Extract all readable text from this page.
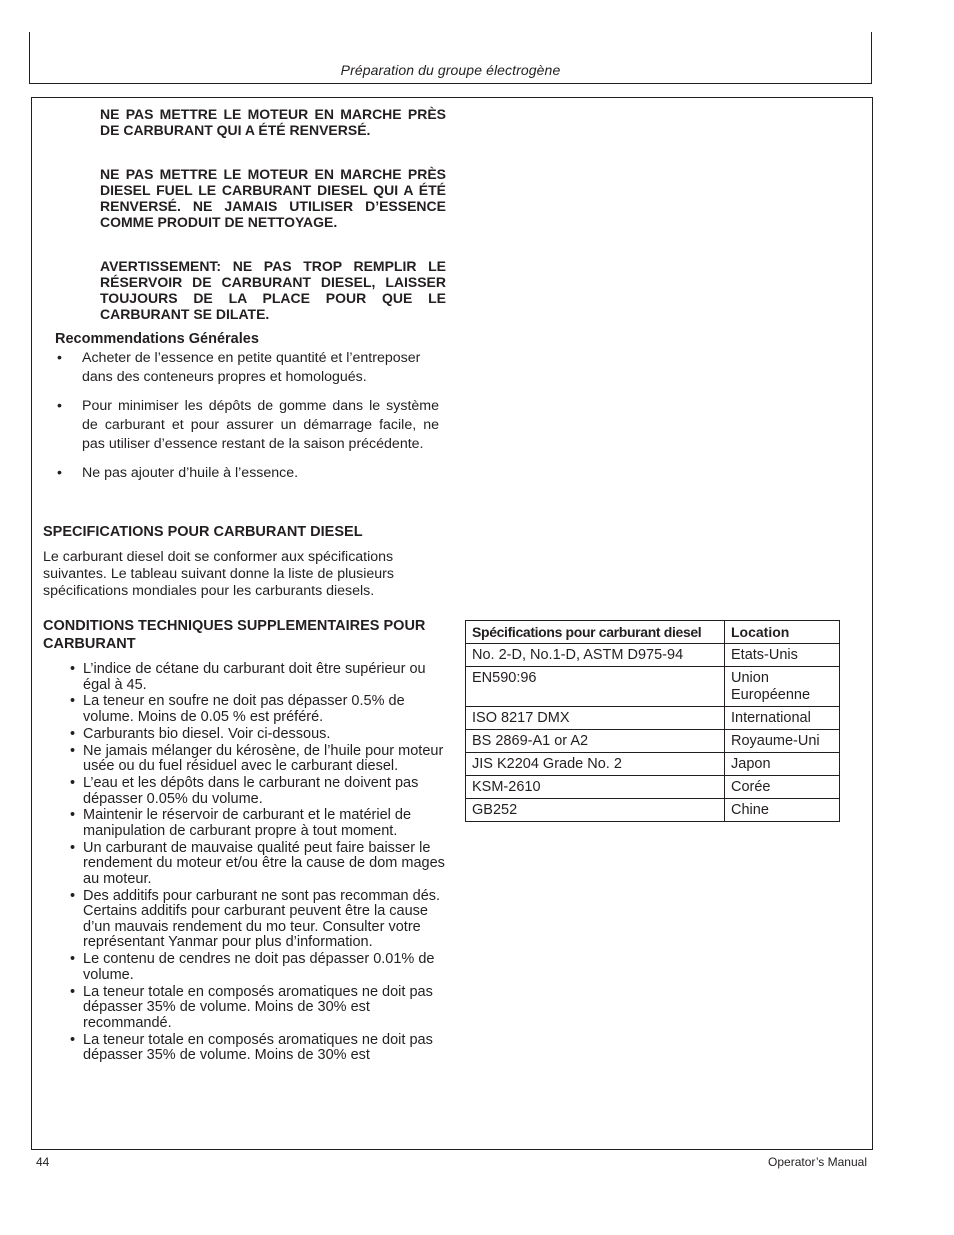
Préparation du groupe électrogène
NE PAS METTRE LE MOTEUR EN MARCHE PRÈS DE CARBURANT QUI A ÉTÉ RENVERSÉ.
NE PAS METTRE LE MOTEUR EN MARCHE PRÈS DIESEL FUEL LE CARBURANT DIESEL QUI A ÉTÉ RENVERSÉ. NE JAMAIS UTILISER D’ESSENCE COMME PRODUIT DE NETTOYAGE.
AVERTISSEMENT: NE PAS TROP REMPLIR LE RÉSERVOIR DE CARBURANT DIESEL, LAISSER TOUJOURS DE LA PLACE POUR QUE LE CARBURANT SE DILATE.
Recommendations Générales
• Acheter de l’essence en petite quantité et l’entreposer dans des conteneurs propres et homologués.
• Pour minimiser les dépôts de gomme dans le système de carburant et pour assurer un démarrage facile, ne pas utiliser d’essence restant de la saison précédente.
• Ne pas ajouter d’huile à l’essence.
SPECIFICATIONS POUR CARBURANT DIESEL
Le carburant diesel doit se conformer aux spécifications suivantes. Le tableau suivant donne la liste de plusieurs spécifications mondiales pour les carburants diesels.
CONDITIONS TECHNIQUES SUPPLEMENTAIRES POUR CARBURANT
• L’indice de cétane du carburant doit être supérieur ou égal à 45.
• La teneur en soufre ne doit pas dépasser 0.5% de volume. Moins de 0.05 % est préféré.
• Carburants bio diesel. Voir ci-dessous.
• Ne jamais mélanger du kérosène, de l’huile pour moteur usée ou du fuel résiduel avec le carburant diesel.
• L’eau et les dépôts dans le carburant ne doivent pas dépasser 0.05% du volume.
• Maintenir le réservoir de carburant et le matériel de manipulation de carburant propre à tout moment.
• Un carburant de mauvaise qualité peut faire baisser le rendement du moteur et/ou être la cause de dom mages au moteur.
• Des additifs pour carburant ne sont pas recomman dés. Certains additifs pour carburant peuvent être la cause d’un mauvais rendement du mo teur. Consulter votre représentant Yanmar pour plus d’information.
• Le contenu de cendres ne doit pas dépasser 0.01% de volume.
• La teneur totale en composés aromatiques ne doit pas dépasser 35% de volume. Moins de 30% est recommandé.
• La teneur totale en composés aromatiques ne doit pas dépasser 35% de volume. Moins de 30% est
Spécifications pour carburant diesel	Location
No. 2-D, No.1-D, ASTM D975-94	Etats-Unis
EN590:96	Union Européenne
ISO 8217 DMX	International
BS 2869-A1 or A2	Royaume-Uni
JIS K2204 Grade No. 2	Japon
KSM-2610	Corée
GB252	Chine
44	Operator’s Manual
